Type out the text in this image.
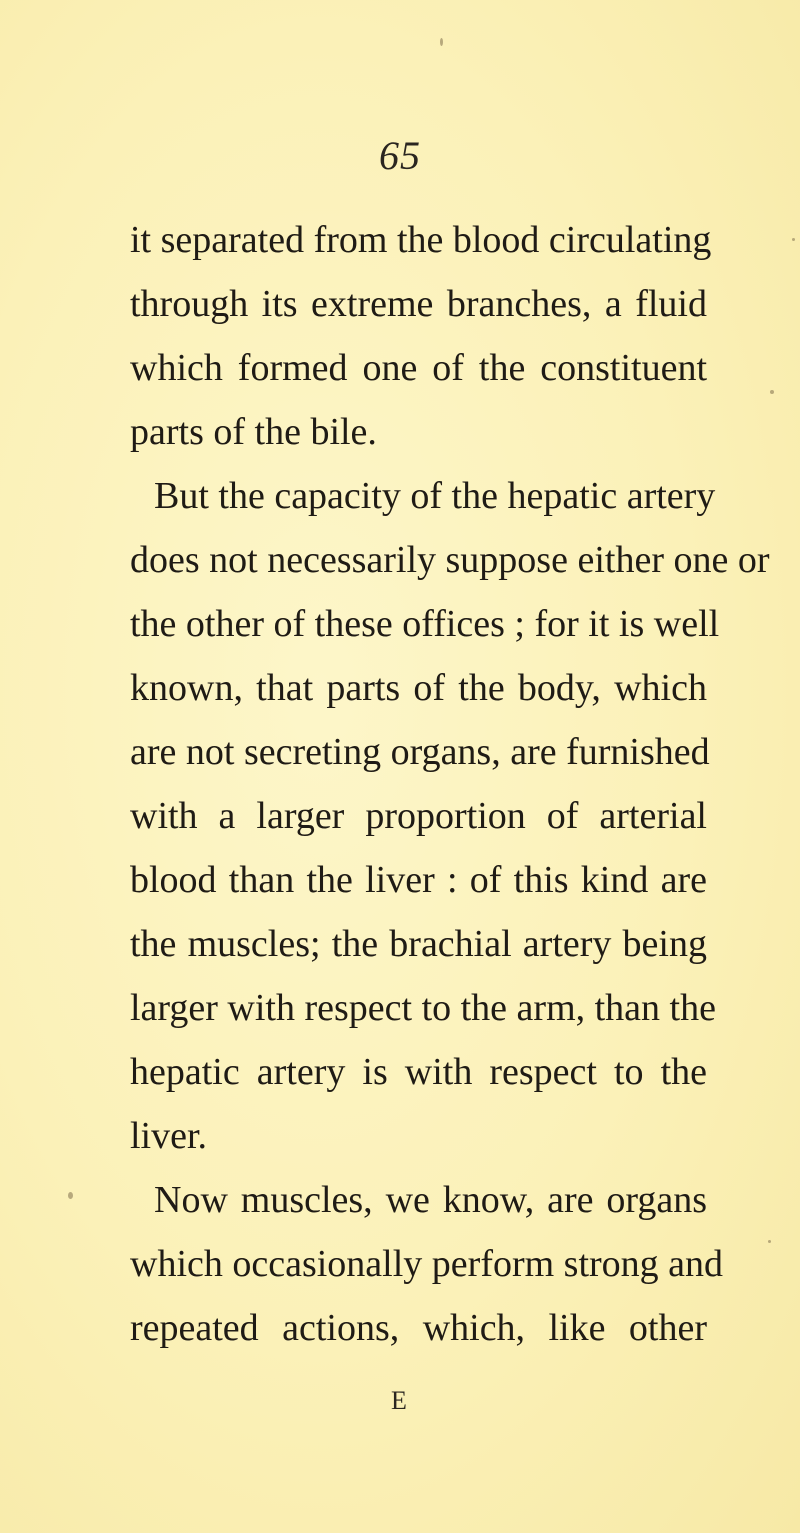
65
it separated from the blood circulating
through its extreme branches, a fluid
which formed one of the constituent
parts of the bile.
But the capacity of the hepatic artery
does not necessarily suppose either one or
the other of these offices ; for it is well
known, that parts of the body, which
are not secreting organs, are furnished
with a larger proportion of arterial
blood than the liver : of this kind are
the muscles; the brachial artery being
larger with respect to the arm, than the
hepatic artery is with respect to the
liver.
Now muscles, we know, are organs
which occasionally perform strong and
repeated actions, which, like other
E
